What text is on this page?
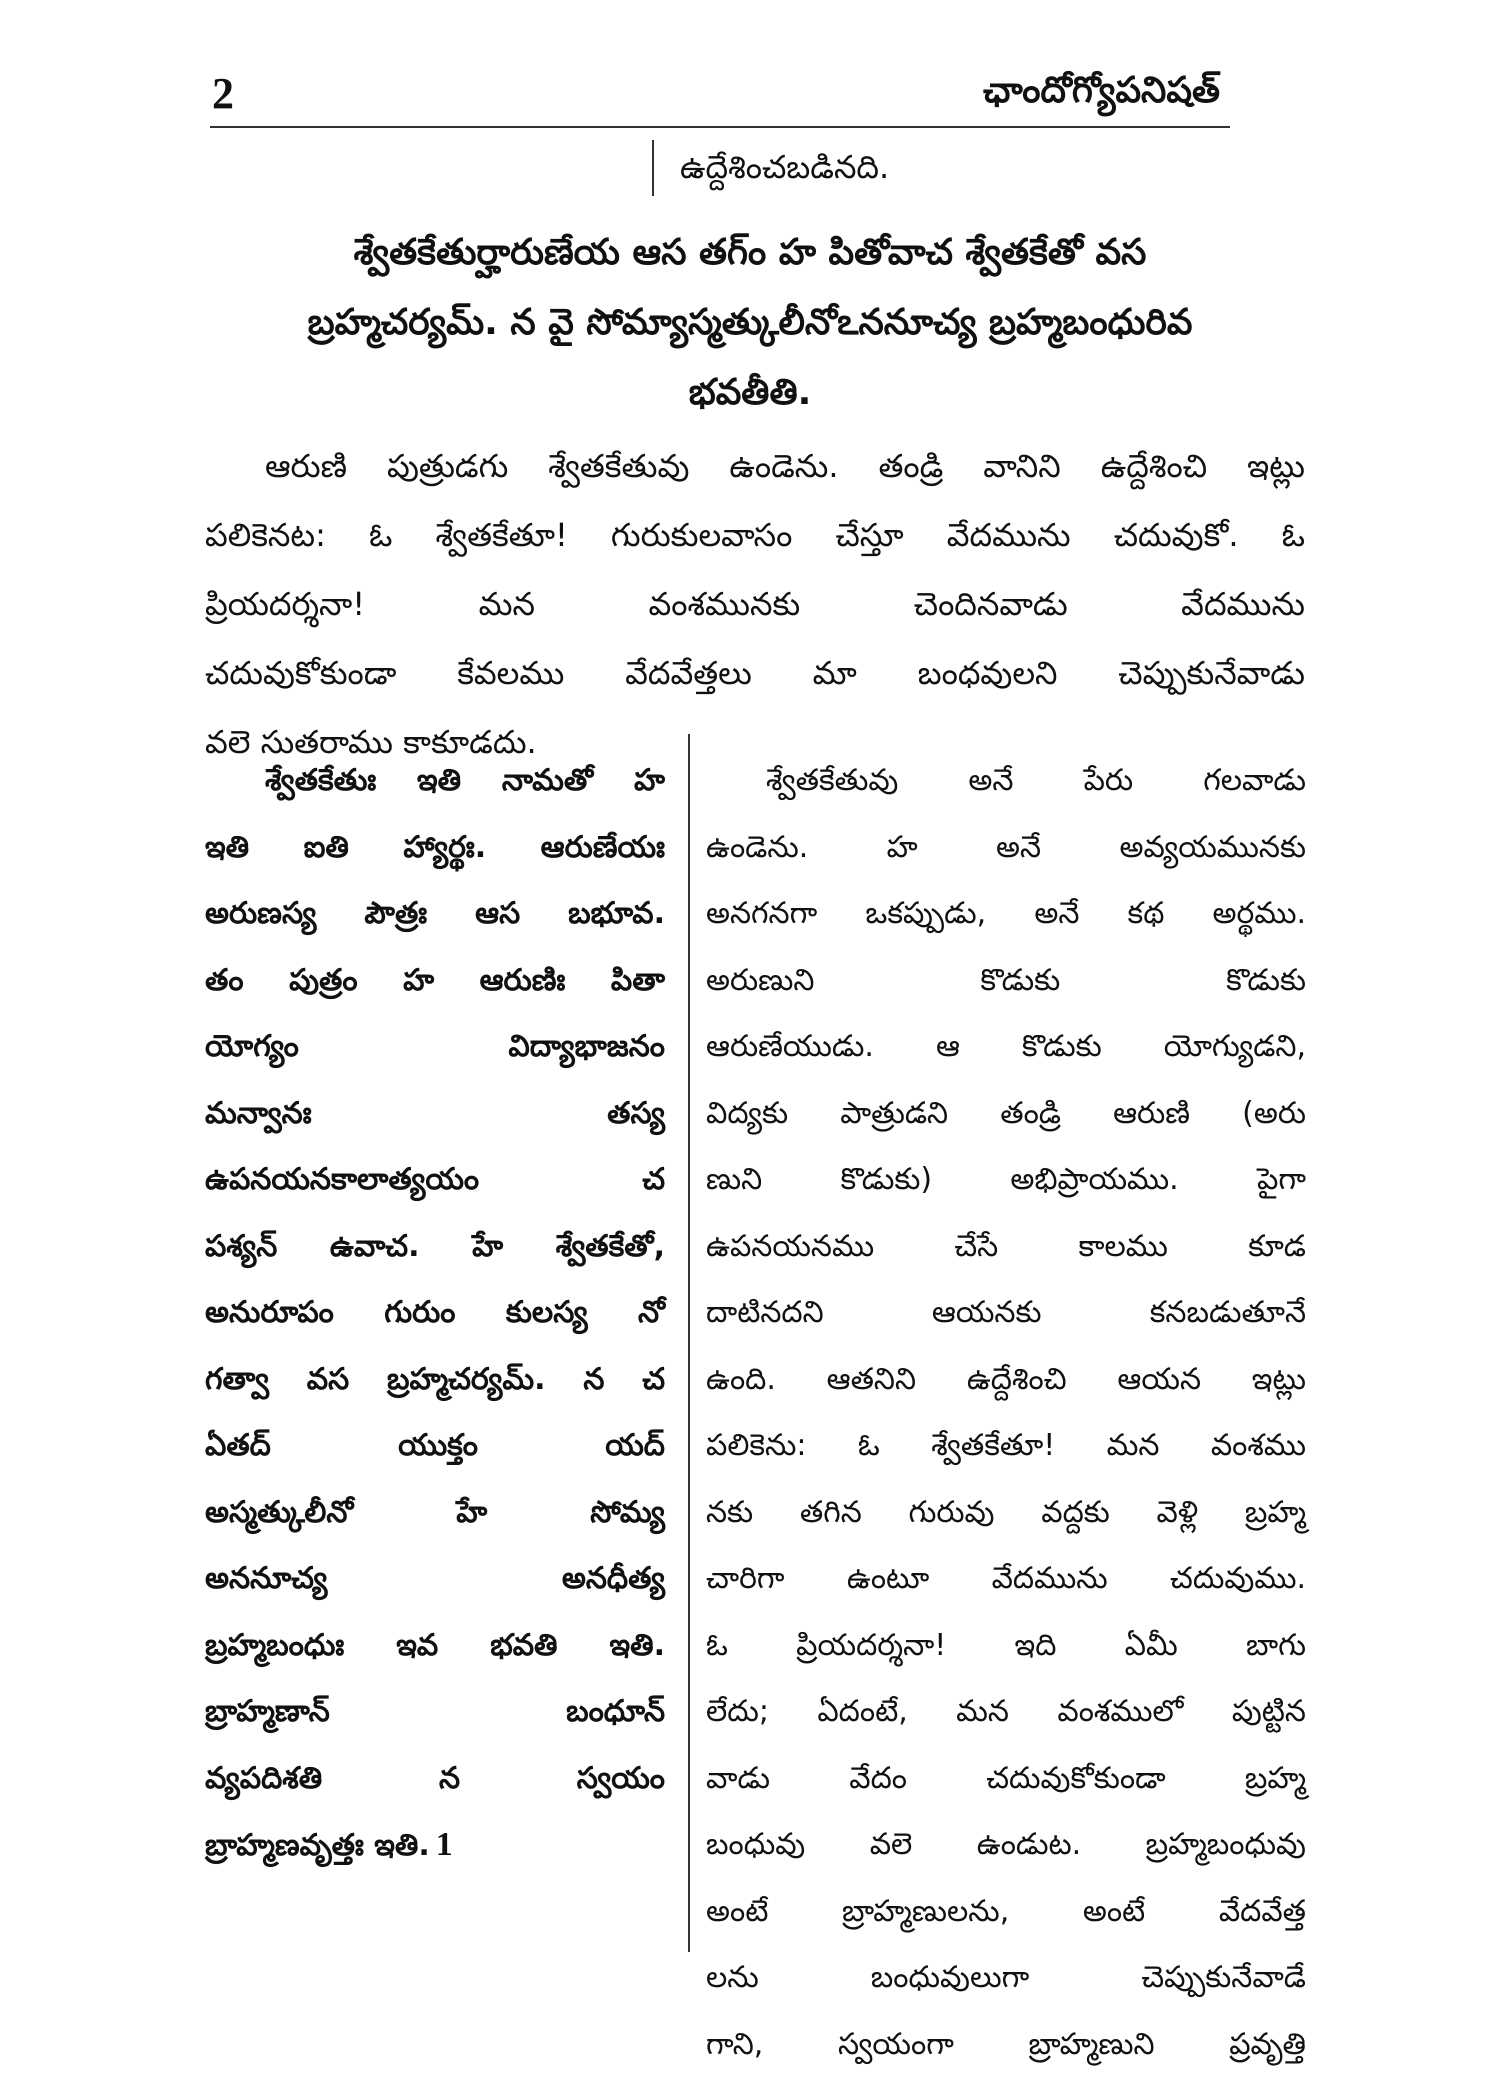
2	ఛాందోగ్యోపనిషత్
ఉద్దేశించబడినది.
శ్వేతకేతుర్హారుణేయ ఆస తగ్ం హ పితోవాచ శ్వేతకేతో వస
బ్రహ్మచర్యమ్. న వై సోమ్యాస్మత్కులీనోఽననూచ్య బ్రహ్మబంధురివ
భవతీతి.
ఆరుణి పుత్రుడగు శ్వేతకేతువు ఉండెను. తండ్రి వానిని ఉద్దేశించి ఇట్లు
పలికెనట: ఓ శ్వేతకేతూ! గురుకులవాసం చేస్తూ వేదమును చదువుకో. ఓ
ప్రియదర్శనా! మన వంశమునకు చెందినవాడు వేదమును
చదువుకోకుండా కేవలము వేదవేత్తలు మా బంధవులని చెప్పుకునేవాడు
వలె సుతరాము కాకూడదు.
శ్వేతకేతుః ఇతి నామతో హ
ఇతి ఐతి హ్యార్థః. ఆరుణేయః
అరుణస్య పౌత్రః ఆస బభూవ.
తం పుత్రం హ ఆరుణిః పితా
యోగ్యం విద్యాభాజనం
మన్వానః తస్య
ఉపనయనకాలాత్యయం చ
పశ్యన్ ఉవాచ. హే శ్వేతకేతో,
అనురూపం గురుం కులస్య నో
గత్వా వస బ్రహ్మచర్యమ్. న చ
ఏతద్ యుక్తం యద్
అస్మత్కులీనో హే సోమ్య
అననూచ్య అనధీత్య
బ్రహ్మబంధుః ఇవ భవతి ఇతి.
బ్రాహ్మణాన్ బంధూన్
వ్యపదిశతి న స్వయం
బ్రాహ్మణవృత్తః ఇతి. 1
శ్వేతకేతువు అనే పేరు గలవాడు
ఉండెను. హ అనే అవ్యయమునకు
అనగనగా ఒకప్పుడు, అనే కథ అర్థము.
అరుణుని కొడుకు కొడుకు
ఆరుణేయుడు. ఆ కొడుకు యోగ్యుడని,
విద్యకు పాత్రుడని తండ్రి ఆరుణి (అరు
ణుని కొడుకు) అభిప్రాయము. పైగా
ఉపనయనము చేసే కాలము కూడ
దాటినదని ఆయనకు కనబడుతూనే
ఉంది. ఆతనిని ఉద్దేశించి ఆయన ఇట్లు
పలికెను: ఓ శ్వేతకేతూ! మన వంశము
నకు తగిన గురువు వద్దకు వెళ్లి బ్రహ్మ
చారిగా ఉంటూ వేదమును చదువుము.
ఓ ప్రియదర్శనా! ఇది ఏమీ బాగు
లేదు; ఏదంటే, మన వంశములో పుట్టిన
వాడు వేదం చదువుకోకుండా బ్రహ్మ
బంధువు వలె ఉండుట. బ్రహ్మబంధువు
అంటే బ్రాహ్మణులను, అంటే వేదవేత్త
లను బంధువులుగా చెప్పుకునేవాడే
గాని, స్వయంగా బ్రాహ్మణుని ప్రవృత్తి
